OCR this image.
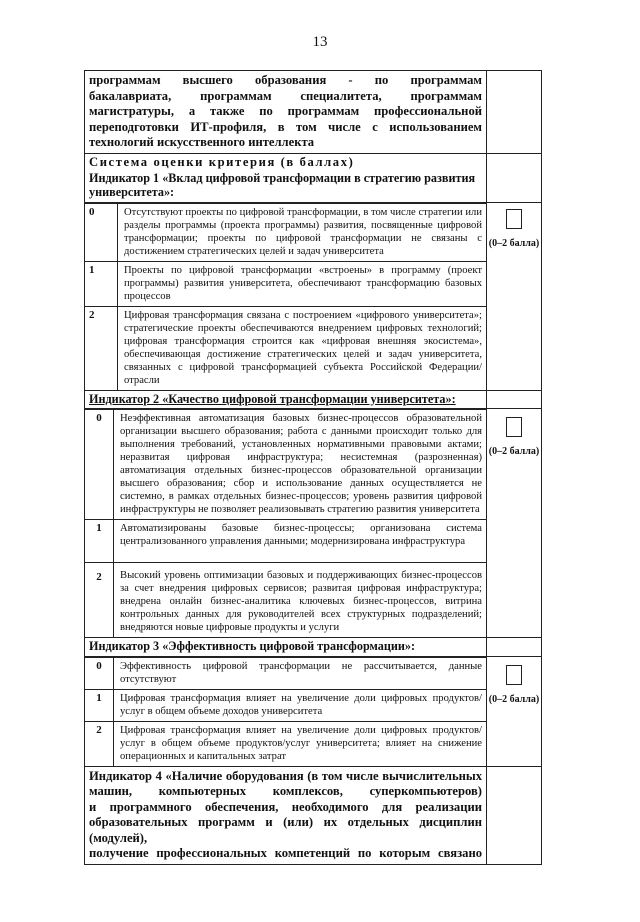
13
программам высшего образования - по программам
бакалавриата, программам специалитета, программам
магистратуры, а также по программам профессиональной
переподготовки ИТ-профиля, в том числе с использованием
технологий искусственного интеллекта

Система оценки критерия (в баллах)
Индикатор 1 «Вклад цифровой трансформации в стратегию развития университета»:

0	Отсутствуют проекты по цифровой трансформации, в том числе стратегии или разделы программы (проекта программы) развития, посвященные цифровой трансформации; проекты по цифровой трансформации не связаны с достижением стратегических целей и задач университета
1	Проекты по цифровой трансформации «встроены» в программу (проект программы) развития университета, обеспечивают трансформацию базовых процессов
2	Цифровая трансформация связана с построением «цифрового университета»; стратегические проекты обеспечиваются внедрением цифровых технологий; цифровая трансформация строится как «цифровая внешняя экосистема», обеспечивающая достижение стратегических целей и задач университета, связанных с цифровой трансформацией субъекта Российской Федерации/отрасли

(0–2 балла)

Индикатор 2 «Качество цифровой трансформации университета»:

0	Неэффективная автоматизация базовых бизнес-процессов образовательной организации высшего образования; работа с данными происходит только для выполнения требований, установленных нормативными правовыми актами; неразвитая цифровая инфраструктура; несистемная (разрозненная) автоматизация отдельных бизнес-процессов образовательной организации высшего образования; сбор и использование данных осуществляется не системно, в рамках отдельных бизнес-процессов; уровень развития цифровой инфраструктуры не позволяет реализовывать стратегию развития университета
1	Автоматизированы базовые бизнес-процессы; организована система централизованного управления данными; модернизирована инфраструктура
2	Высокий уровень оптимизации базовых и поддерживающих бизнес-процессов за счет внедрения цифровых сервисов; развитая цифровая инфраструктура; внедрена онлайн бизнес-аналитика ключевых бизнес-процессов, витрина контрольных данных для руководителей всех структурных подразделений; внедряются новые цифровые продукты и услуги

(0–2 балла)

Индикатор 3 «Эффективность цифровой трансформации»:

0	Эффективность цифровой трансформации не рассчитывается, данные отсутствуют
1	Цифровая трансформация влияет на увеличение доли цифровых продуктов/услуг в общем объеме доходов университета
2	Цифровая трансформация влияет на увеличение доли цифровых продуктов/услуг в общем объеме продуктов/услуг университета; влияет на снижение операционных и капитальных затрат

(0–2 балла)

Индикатор 4 «Наличие оборудования (в том числе вычислительных
машин, компьютерных комплексов, суперкомпьютеров)
и программного обеспечения, необходимого для реализации
образовательных программ и (или) их отдельных дисциплин (модулей),
получение профессиональных компетенций по которым связано
